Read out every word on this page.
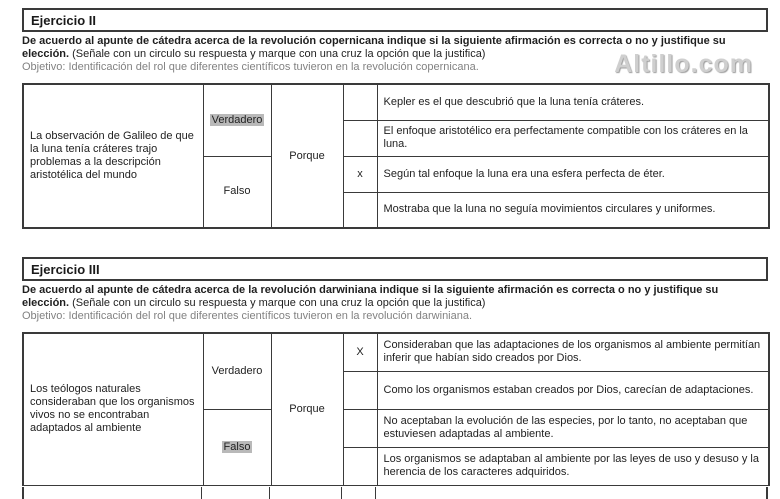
Altillo.com

Ejercicio II

De acuerdo al apunte de cátedra acerca de la revolución copernicana indique si la siguiente afirmación es correcta o no y justifique su elección. (Señale con un circulo su respuesta y marque con una cruz la opción que la justifica)

Objetivo: Identificación del rol que diferentes científicos tuvieron en la revolución copernicana.

La observación de Galileo de que la luna tenía cráteres trajo problemas a la descripción aristotélica del mundo	Verdadero	Porque		Kepler es el que descubrió que la luna tenía cráteres.
				El enfoque aristotélico era perfectamente compatible con los cráteres en la luna.
	Falso		x	Según tal enfoque la luna era una esfera perfecta de éter.
				Mostraba que la luna no seguía movimientos circulares y uniformes.
Ejercicio III

De acuerdo al apunte de cátedra acerca de la revolución darwiniana indique si la siguiente afirmación es correcta o no y justifique su elección. (Señale con un circulo su respuesta y marque con una cruz la opción que la justifica)

Objetivo: Identificación del rol que diferentes científicos tuvieron en la revolución darwiniana.

Los teólogos naturales consideraban que los organismos vivos no se encontraban adaptados al ambiente	Verdadero	Porque	X	Consideraban que las adaptaciones de los organismos al ambiente permitían inferir que habían sido creados por Dios.
				Como los organismos estaban creados por Dios, carecían de adaptaciones.
	Falso			No aceptaban la evolución de las especies, por lo tanto, no aceptaban que estuviesen adaptadas al ambiente.
				Los organismos se adaptaban al ambiente por las leyes de uso y desuso y la herencia de los caracteres adquiridos.
